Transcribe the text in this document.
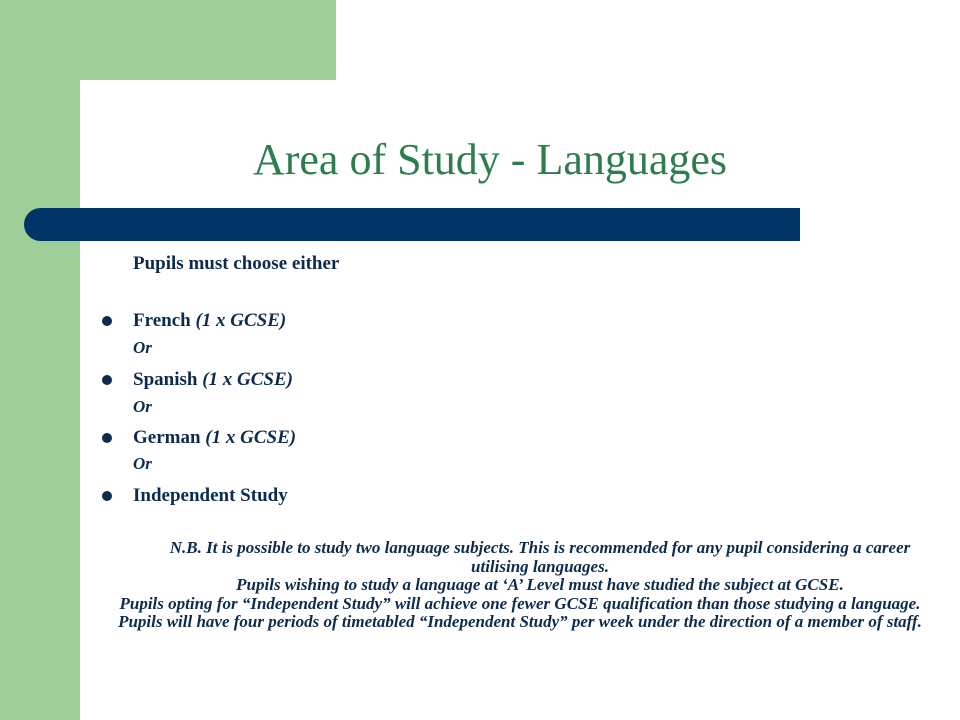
Area of Study - Languages
Pupils must choose either
French (1 x GCSE)
Or
Spanish (1 x GCSE)
Or
German (1 x GCSE)
Or
Independent Study

N.B. It is possible to study two language subjects. This is recommended for any pupil considering a career utilising languages.

Pupils wishing to study a language at ‘A’ Level must have studied the subject at GCSE.

Pupils opting for “Independent Study” will achieve one fewer GCSE qualification than those studying a language. Pupils will have four periods of timetabled “Independent Study” per week under the direction of a member of staff.
